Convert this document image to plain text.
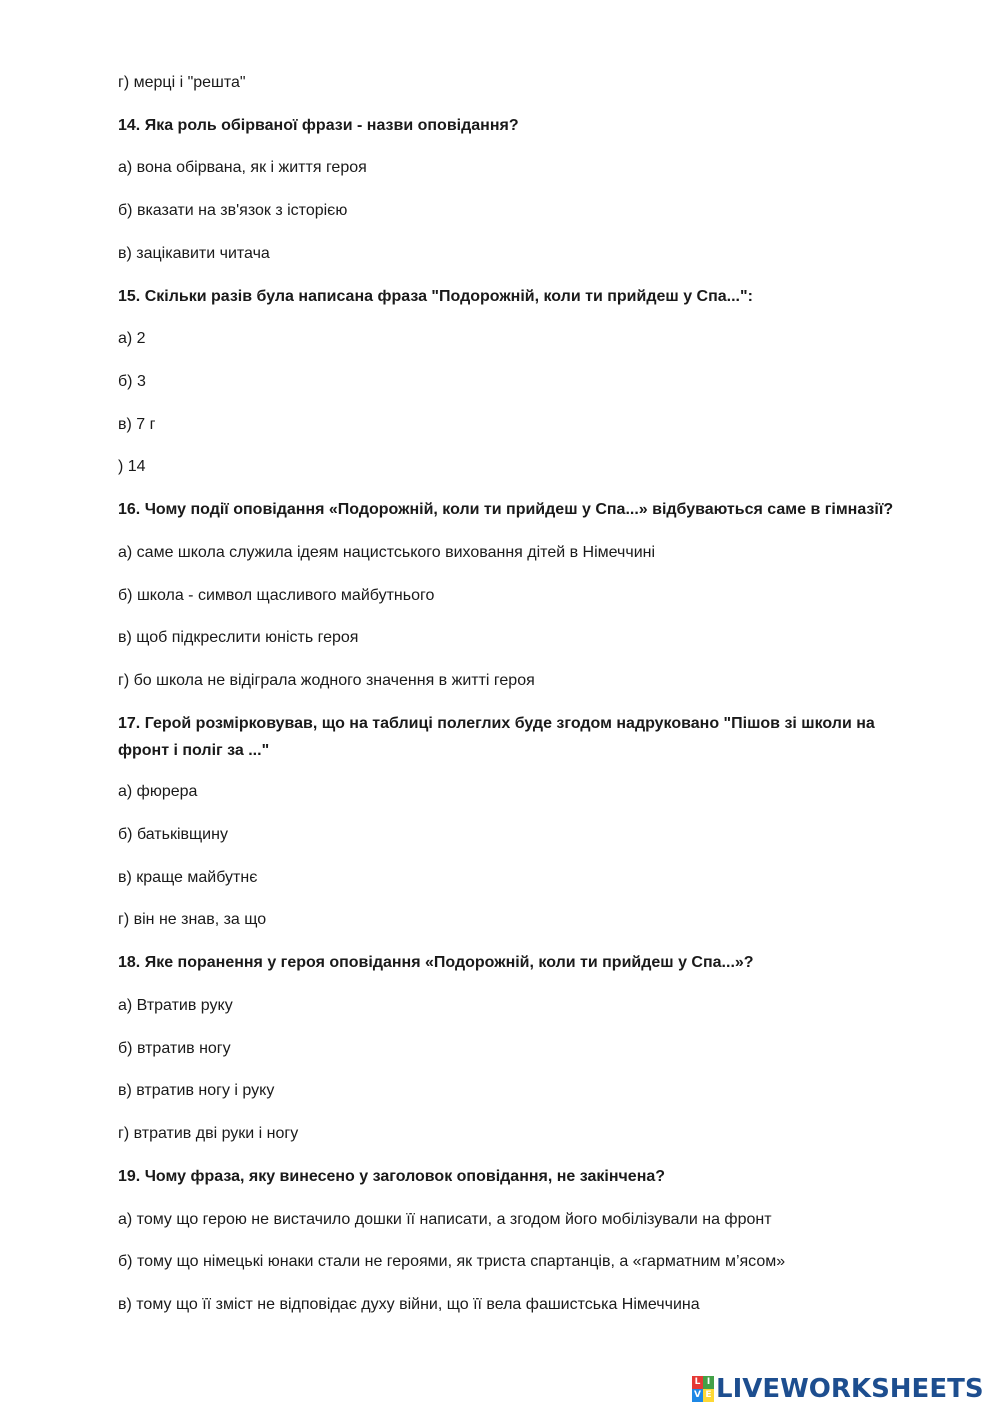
г) мерці і "решта"
14. Яка роль обірваної фрази - назви оповідання?
а) вона обірвана, як і життя героя
б) вказати на зв'язок з історією
в) зацікавити читача
15. Скільки разів була написана фраза "Подорожній, коли ти прийдеш у Спа...":
а) 2
б) 3
в) 7 г
) 14
16. Чому події оповідання «Подорожній, коли ти прийдеш у Спа...» відбуваються саме в гімназії?
а) саме школа служила ідеям нацистського виховання дітей в Німеччині
б) школа - символ щасливого майбутнього
в) щоб підкреслити юність героя
г) бо школа не відігрaла жодного значення в житті героя
17. Герой розмірковував, що на таблиці полеглих буде згодом надруковано "Пішов зі школи на фронт і поліг за ..."
а) фюрера
б) батьківщину
в) краще майбутнє
г) він не знав, за що
18. Яке поранення у героя оповідання «Подорожній, коли ти прийдеш у Спа...»?
а) Втратив руку
б) втратив ногу
в) втратив ногу і руку
г) втратив дві руки і ногу
19. Чому фраза, яку винесено у заголовок оповідання, не закінчена?
а) тому що герою не вистачило дошки її написати, а згодом його мобілізували на фронт
б) тому що німецькі юнаки стали не героями, як триста спартанців, а «гарматним м’ясом»
в) тому що її зміст не відповідає духу війни, що її вела фашистська Німеччина
L I
V E LIVEWORKSHEETS
